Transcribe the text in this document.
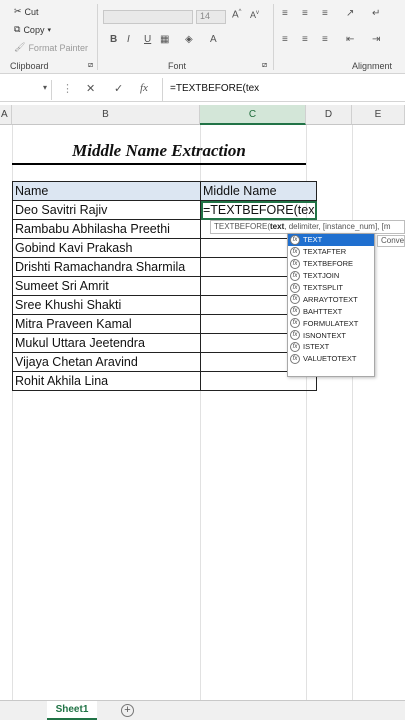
✂ Cut
⧉ Copy ▾
🖌 Format Painter
Clipboard	⧄
14	A^ $A^v$
B I U ▦ ◈ A
Font	⧄
≡ ≡ ≡ ↗ ↵
≡ ≡ ≡ ⇤ ⇥
Alignment
▾ ⋮ ✕ ✓ fx =TEXTBEFORE(tex
A	B	C	D	E
Middle Name Extraction
Name	Middle Name
Deo Savitri Rajiv	=TEXTBEFORE(tex
Rambabu Abhilasha Preethi	
Gobind Kavi Prakash	
Drishti Ramachandra Sharmila	
Sumeet Sri Amrit	
Sree Khushi Shakti	
Mitra Praveen Kamal	
Mukul Uttara Jeetendra	
Vijaya Chetan Aravind	
Rohit Akhila Lina	
TEXTBEFORE(text, delimiter, [instance_num], [m
fx TEXT
fx TEXTAFTER
fx TEXTBEFORE
fx TEXTJOIN
fx TEXTSPLIT
fx ARRAYTOTEXT
fx BAHTTEXT
fx FORMULATEXT
fx ISNONTEXT
fx ISTEXT
fx VALUETOTEXT
Conve
Sheet1	+
